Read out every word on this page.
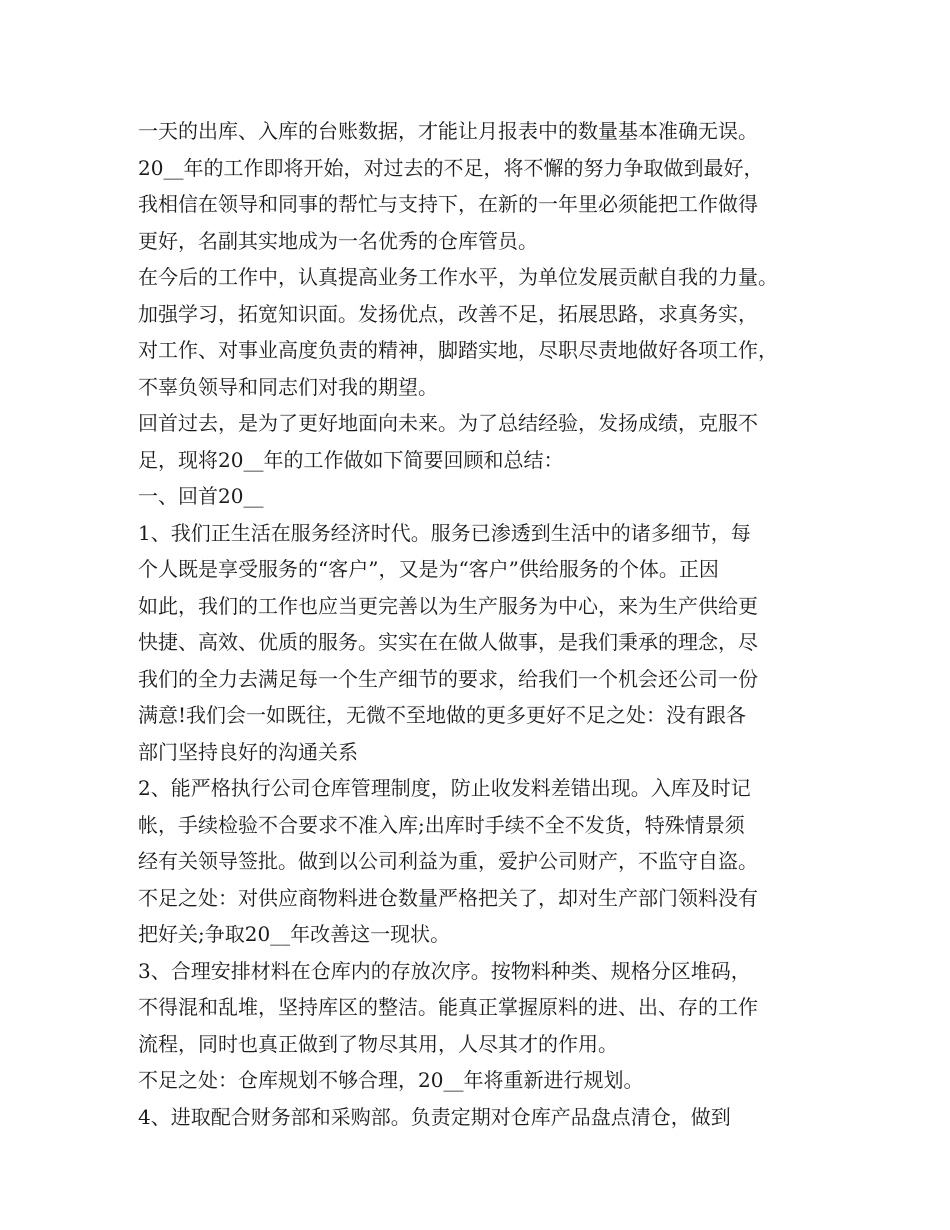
一天的出库、入库的台账数据，才能让月报表中的数量基本准确无误。
20__年的工作即将开始，对过去的不足，将不懈的努力争取做到最好，
我相信在领导和同事的帮忙与支持下，在新的一年里必须能把工作做得
更好，名副其实地成为一名优秀的仓库管员。
在今后的工作中，认真提高业务工作水平，为单位发展贡献自我的力量。
加强学习，拓宽知识面。发扬优点，改善不足，拓展思路，求真务实，
对工作、对事业高度负责的精神，脚踏实地，尽职尽责地做好各项工作，
不辜负领导和同志们对我的期望。
回首过去，是为了更好地面向未来。为了总结经验，发扬成绩，克服不
足，现将20__年的工作做如下简要回顾和总结：
一、回首20__
1、我们正生活在服务经济时代。服务已渗透到生活中的诸多细节，每
个人既是享受服务的“客户”，又是为“客户”供给服务的个体。正因
如此，我们的工作也应当更完善以为生产服务为中心，来为生产供给更
快捷、高效、优质的服务。实实在在做人做事，是我们秉承的理念，尽
我们的全力去满足每一个生产细节的要求，给我们一个机会还公司一份
满意!我们会一如既往，无微不至地做的更多更好不足之处：没有跟各
部门坚持良好的沟通关系
2、能严格执行公司仓库管理制度，防止收发料差错出现。入库及时记
帐，手续检验不合要求不准入库;出库时手续不全不发货，特殊情景须
经有关领导签批。做到以公司利益为重，爱护公司财产，不监守自盗。
不足之处：对供应商物料进仓数量严格把关了，却对生产部门领料没有
把好关;争取20__年改善这一现状。
3、合理安排材料在仓库内的存放次序。按物料种类、规格分区堆码，
不得混和乱堆，坚持库区的整洁。能真正掌握原料的进、出、存的工作
流程，同时也真正做到了物尽其用，人尽其才的作用。
不足之处：仓库规划不够合理，20__年将重新进行规划。
4、进取配合财务部和采购部。负责定期对仓库产品盘点清仓，做到
